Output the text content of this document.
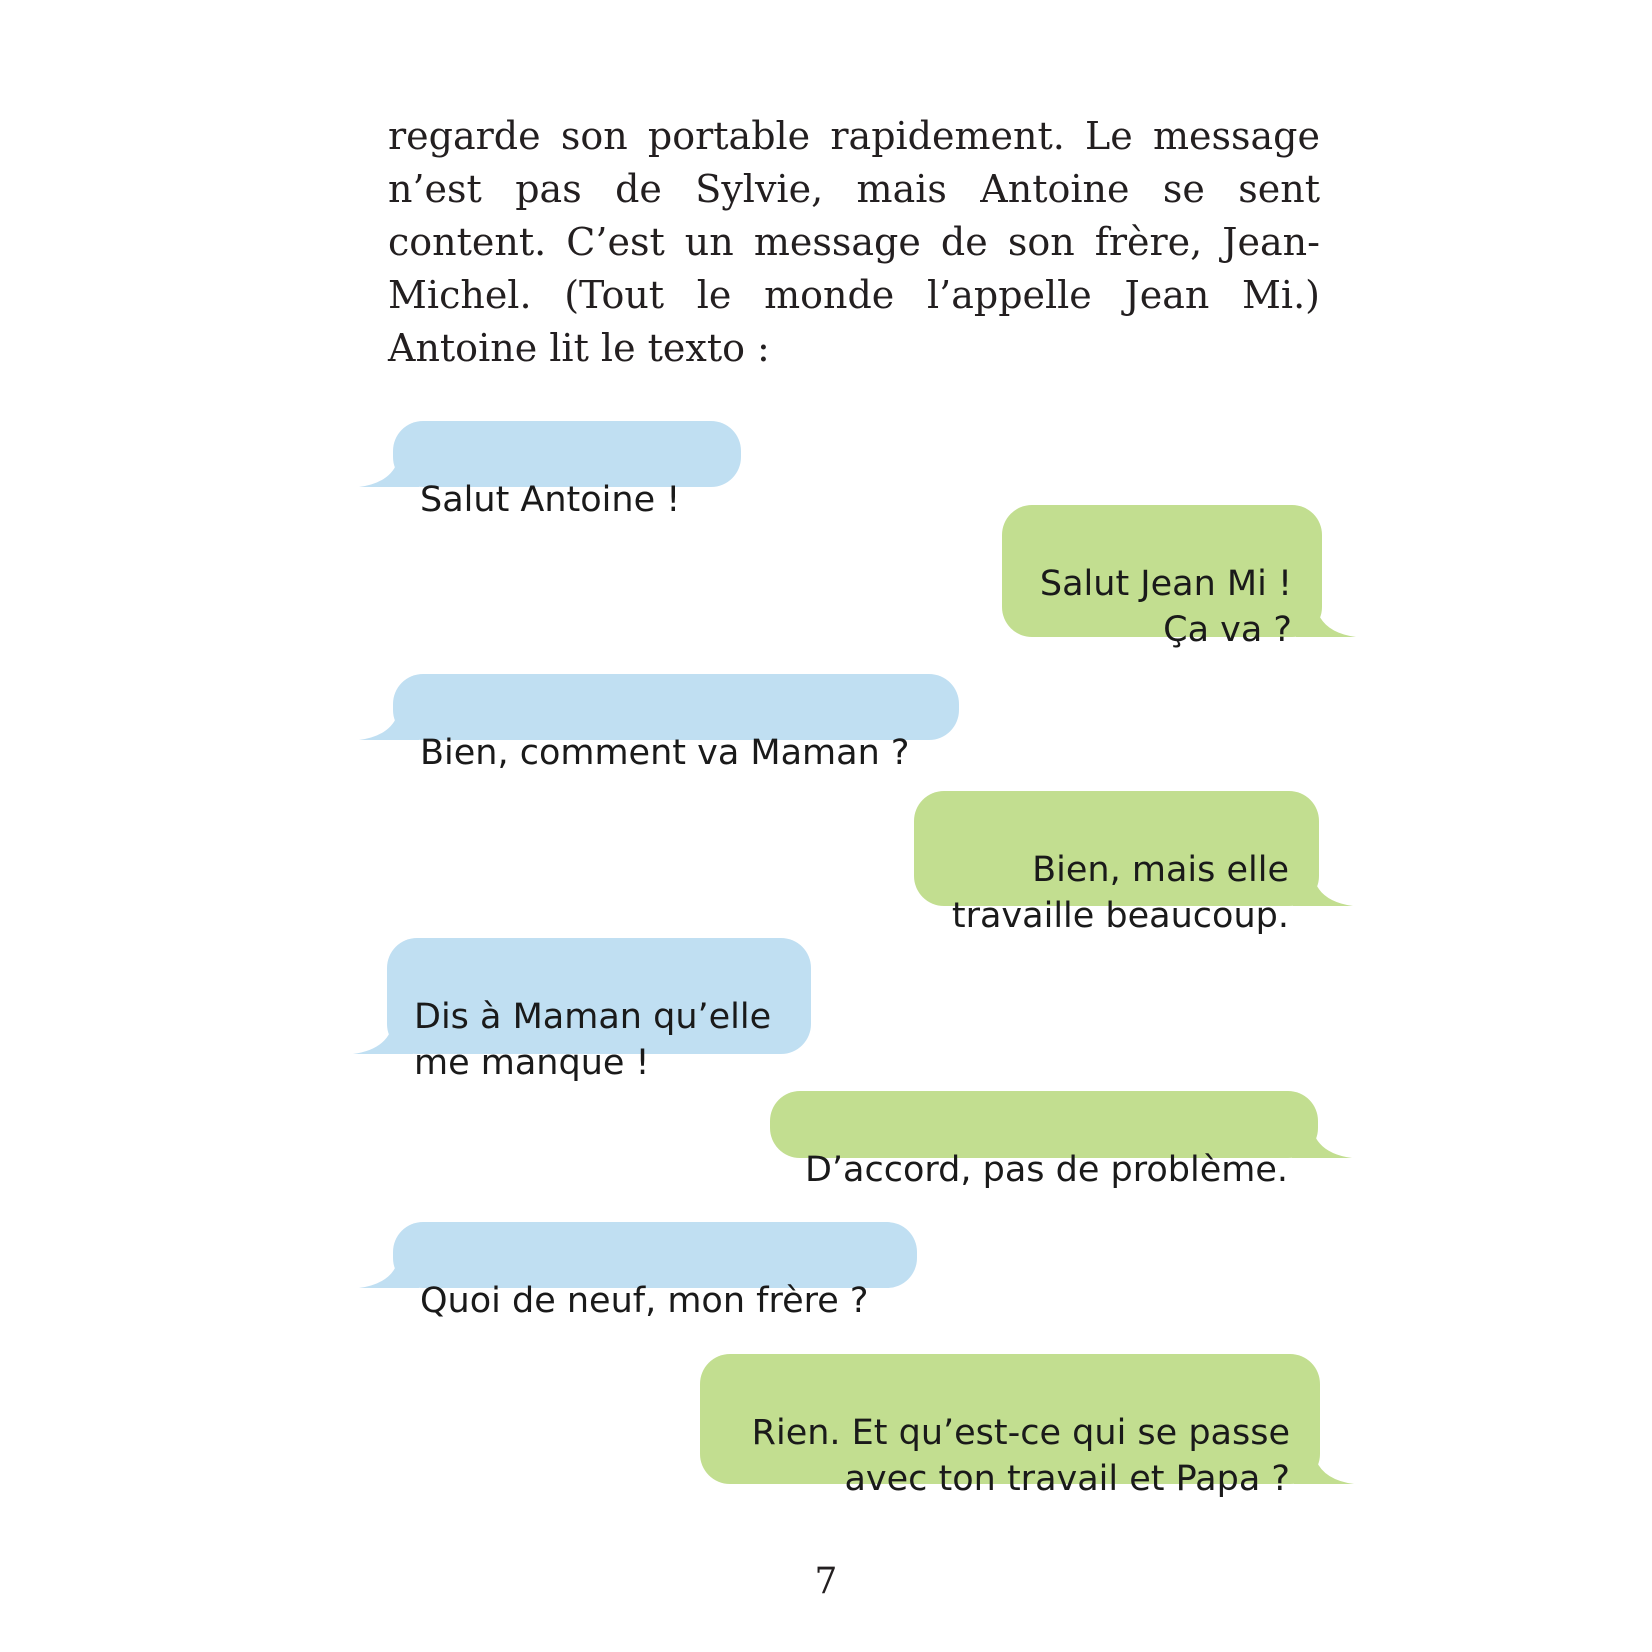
regarde son portable rapidement. Le message n’est pas de Sylvie, mais Antoine se sent content. C’est un message de son frère, Jean-Michel. (Tout le monde l’appelle Jean Mi.) Antoine lit le texto :

Salut Antoine !

Salut Jean Mi !
Ça va ?

Bien, comment va Maman ?

Bien, mais elle
travaille beaucoup.

Dis à Maman qu’elle
me manque !

D’accord, pas de problème.

Quoi de neuf, mon frère ?

Rien. Et qu’est-ce qui se passe
avec ton travail et Papa ?

7
